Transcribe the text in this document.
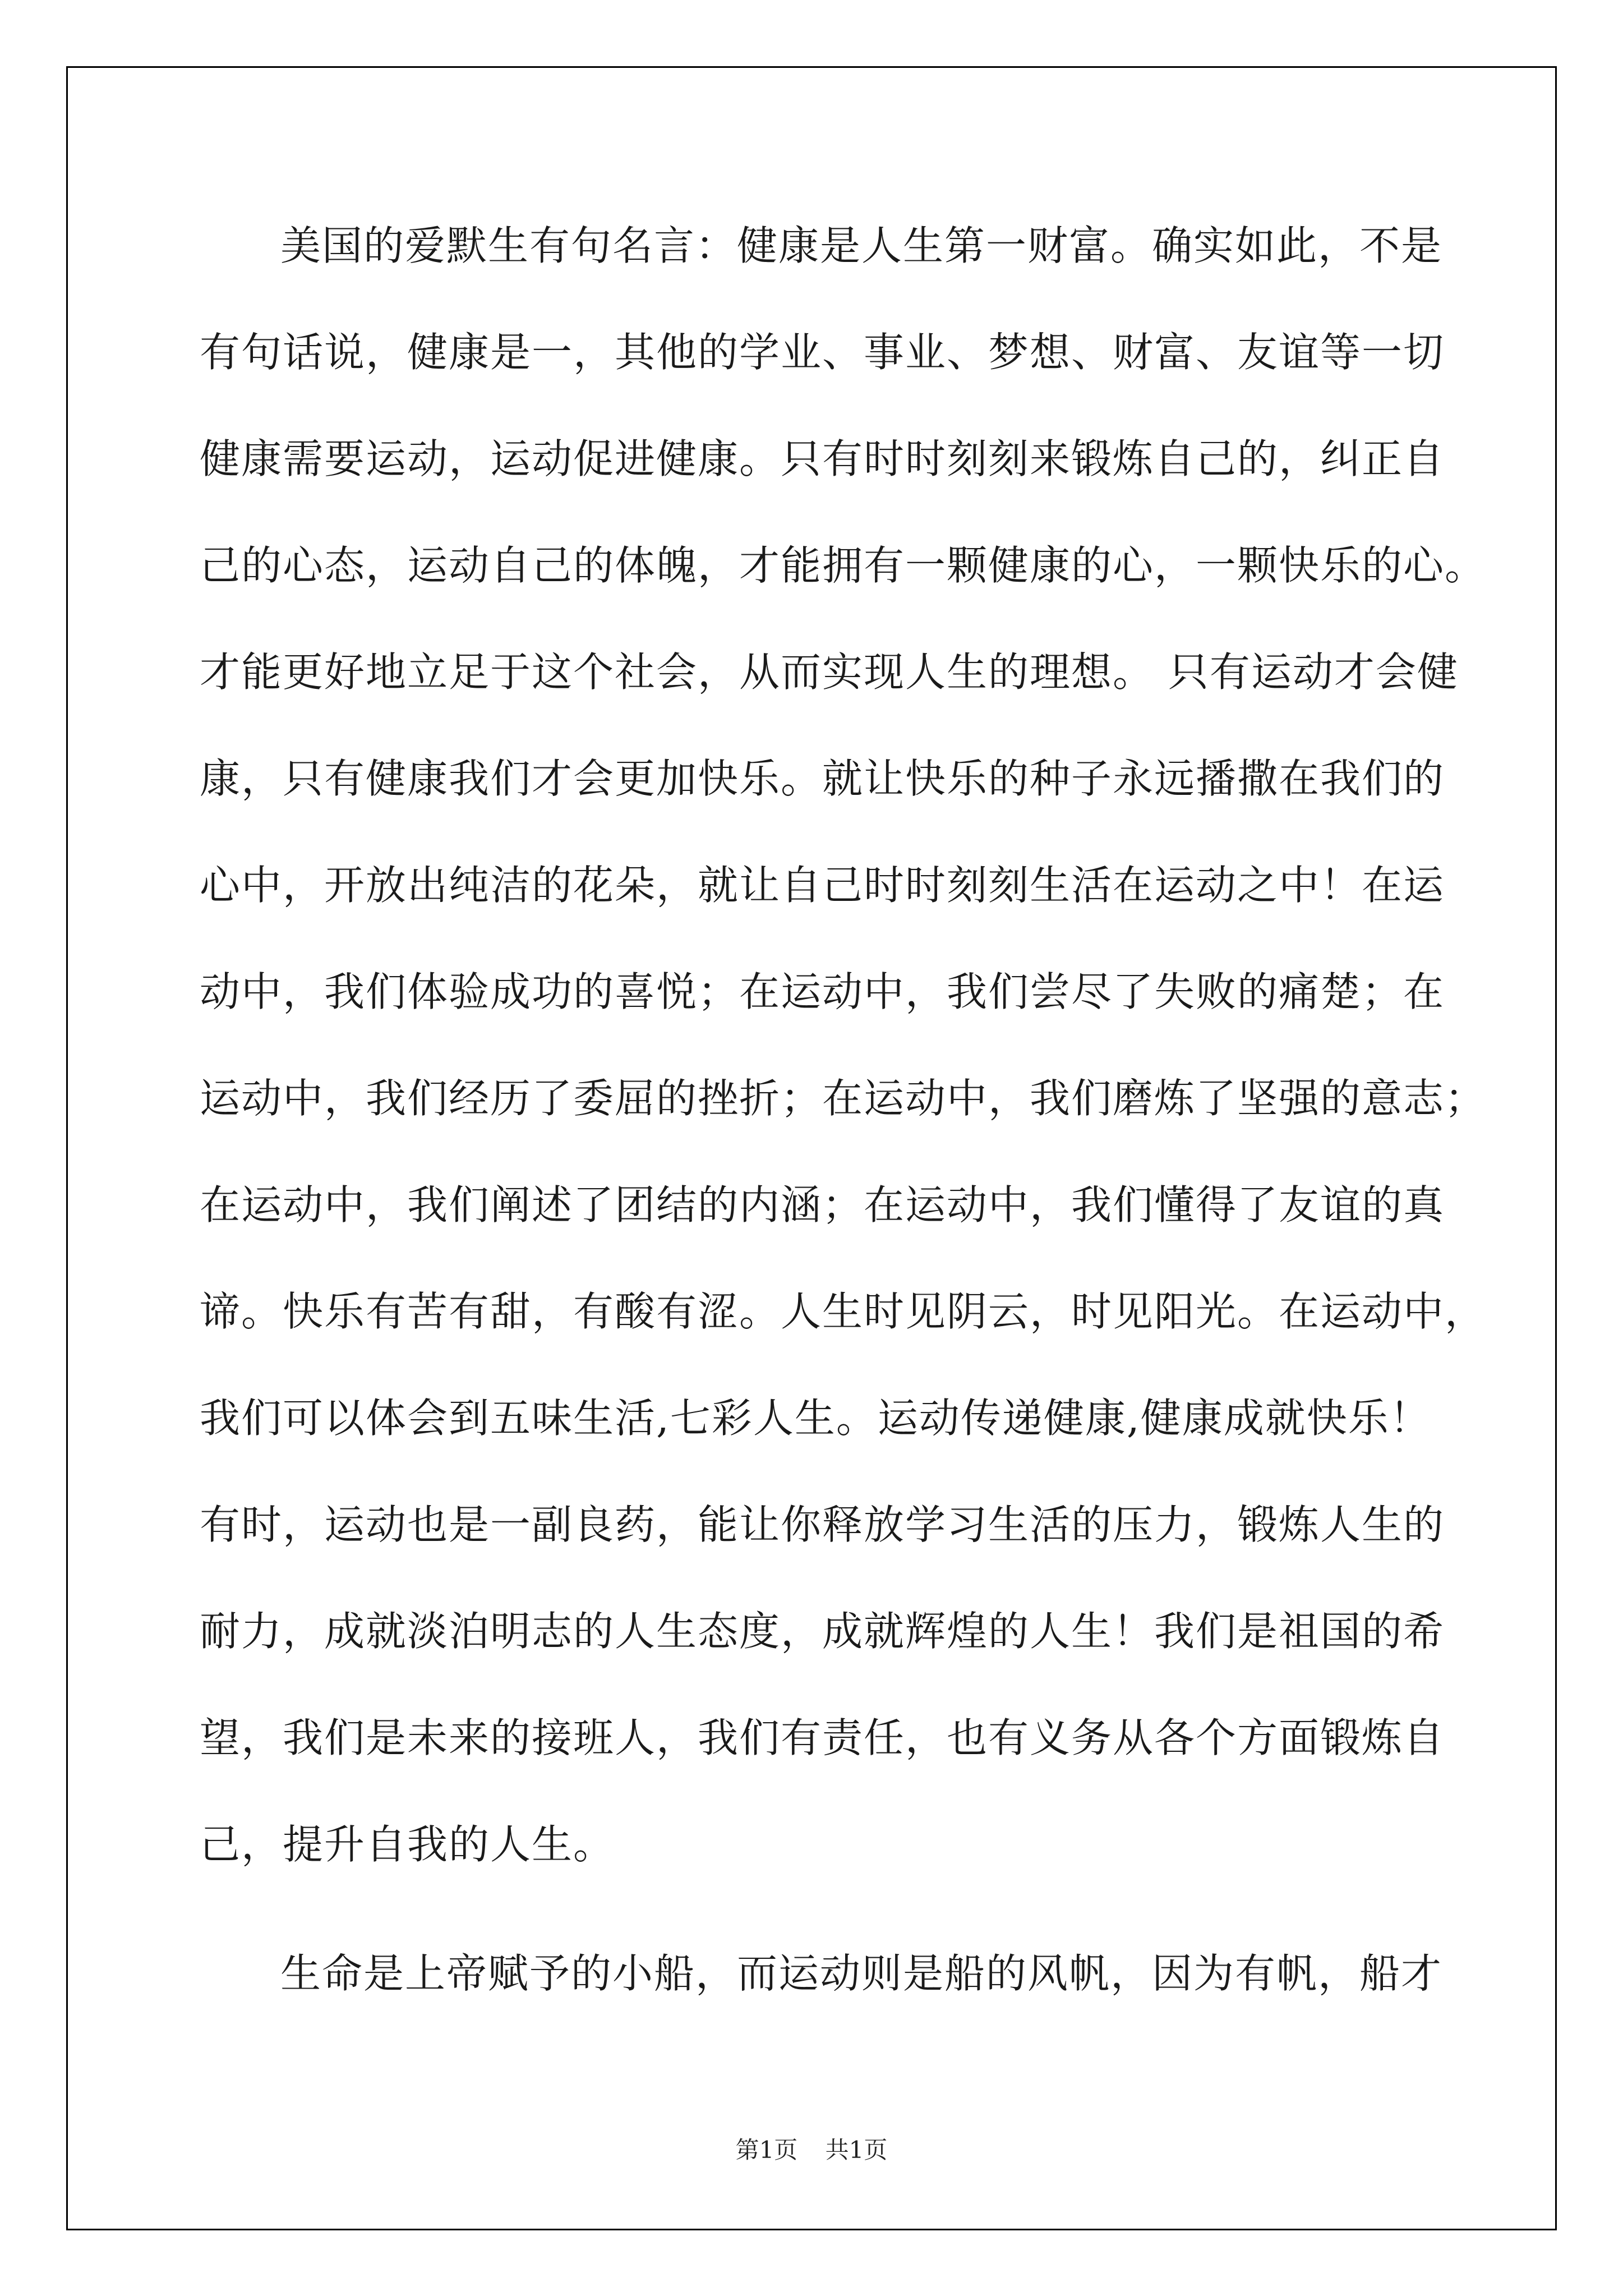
美国的爱默生有句名言：健康是人生第一财富。确实如此，不是
有句话说，健康是一，其他的学业、事业、梦想、财富、友谊等一切
健康需要运动，运动促进健康。只有时时刻刻来锻炼自己的，纠正自
己的心态，运动自己的体魄，才能拥有一颗健康的心，一颗快乐的心。
才能更好地立足于这个社会，从而实现人生的理想。 只有运动才会健
康，只有健康我们才会更加快乐。就让快乐的种子永远播撒在我们的
心中，开放出纯洁的花朵，就让自己时时刻刻生活在运动之中！在运
动中，我们体验成功的喜悦；在运动中，我们尝尽了失败的痛楚；在
运动中，我们经历了委屈的挫折；在运动中，我们磨炼了坚强的意志；
在运动中，我们阐述了团结的内涵；在运动中，我们懂得了友谊的真
谛。快乐有苦有甜，有酸有涩。人生时见阴云，时见阳光。在运动中，
我们可以体会到五味生活,七彩人生。运动传递健康,健康成就快乐！
有时，运动也是一副良药，能让你释放学习生活的压力，锻炼人生的
耐力，成就淡泊明志的人生态度，成就辉煌的人生！我们是祖国的希
望，我们是未来的接班人，我们有责任，也有义务从各个方面锻炼自
己，提升自我的人生。
生命是上帝赋予的小船，而运动则是船的风帆，因为有帆，船才
第1页 共1页
